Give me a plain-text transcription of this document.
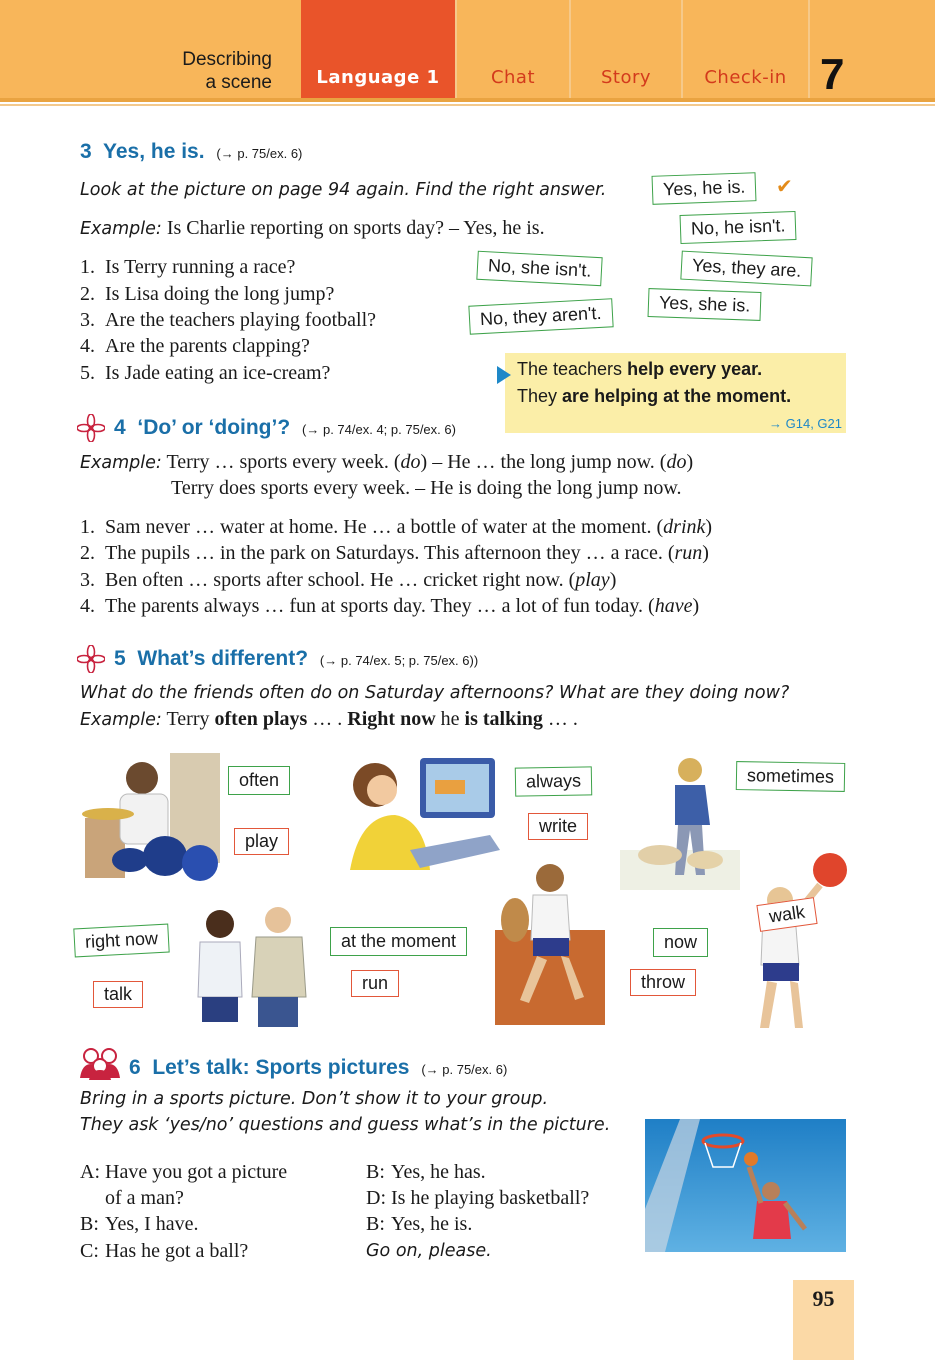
Describing
a scene	Language 1	Chat	Story	Check-in 7
3 Yes, he is. (→ p. 75/ex. 6)
Look at the picture on page 94 again. Find the right answer.
Example: Is Charlie reporting on sports day? – Yes, he is.
1. Is Terry running a race?
2. Is Lisa doing the long jump?
3. Are the teachers playing football?
4. Are the parents clapping?
5. Is Jade eating an ice-cream?
Yes, he is.	✔
No, he isn't.
No, she isn't.	Yes, they are.
Yes, she is.
No, they aren't.
The teachers help every year.
They are helping at the moment.
→ G14, G21
4 ‘Do’ or ‘doing’? (→ p. 74/ex. 4; p. 75/ex. 6)
Example: Terry … sports every week. (do) – He … the long jump now. (do)
Terry does sports every week. – He is doing the long jump now.
1. Sam never … water at home. He … a bottle of water at the moment. (drink)
2. The pupils … in the park on Saturdays. This afternoon they … a race. (run)
3. Ben often … sports after school. He … cricket right now. (play)
4. The parents always … fun at sports day. They … a lot of fun today. (have)
5 What’s different? (→ p. 74/ex. 5; p. 75/ex. 6))
What do the friends often do on Saturday afternoons? What are they doing now?
Example: Terry often plays … . Right now he is talking … .
often
play
always
write
sometimes
right now
talk
at the moment
run
walk
now
throw
6 Let’s talk: Sports pictures (→ p. 75/ex. 6)
Bring in a sports picture. Don’t show it to your group.
They ask ‘yes/no’ questions and guess what’s in the picture.
A: Have you got a picture
of a man?
B: Yes, I have.
C: Has he got a ball?
B: Yes, he has.
D: Is he playing basketball?
B: Yes, he is.
Go on, please.
95
